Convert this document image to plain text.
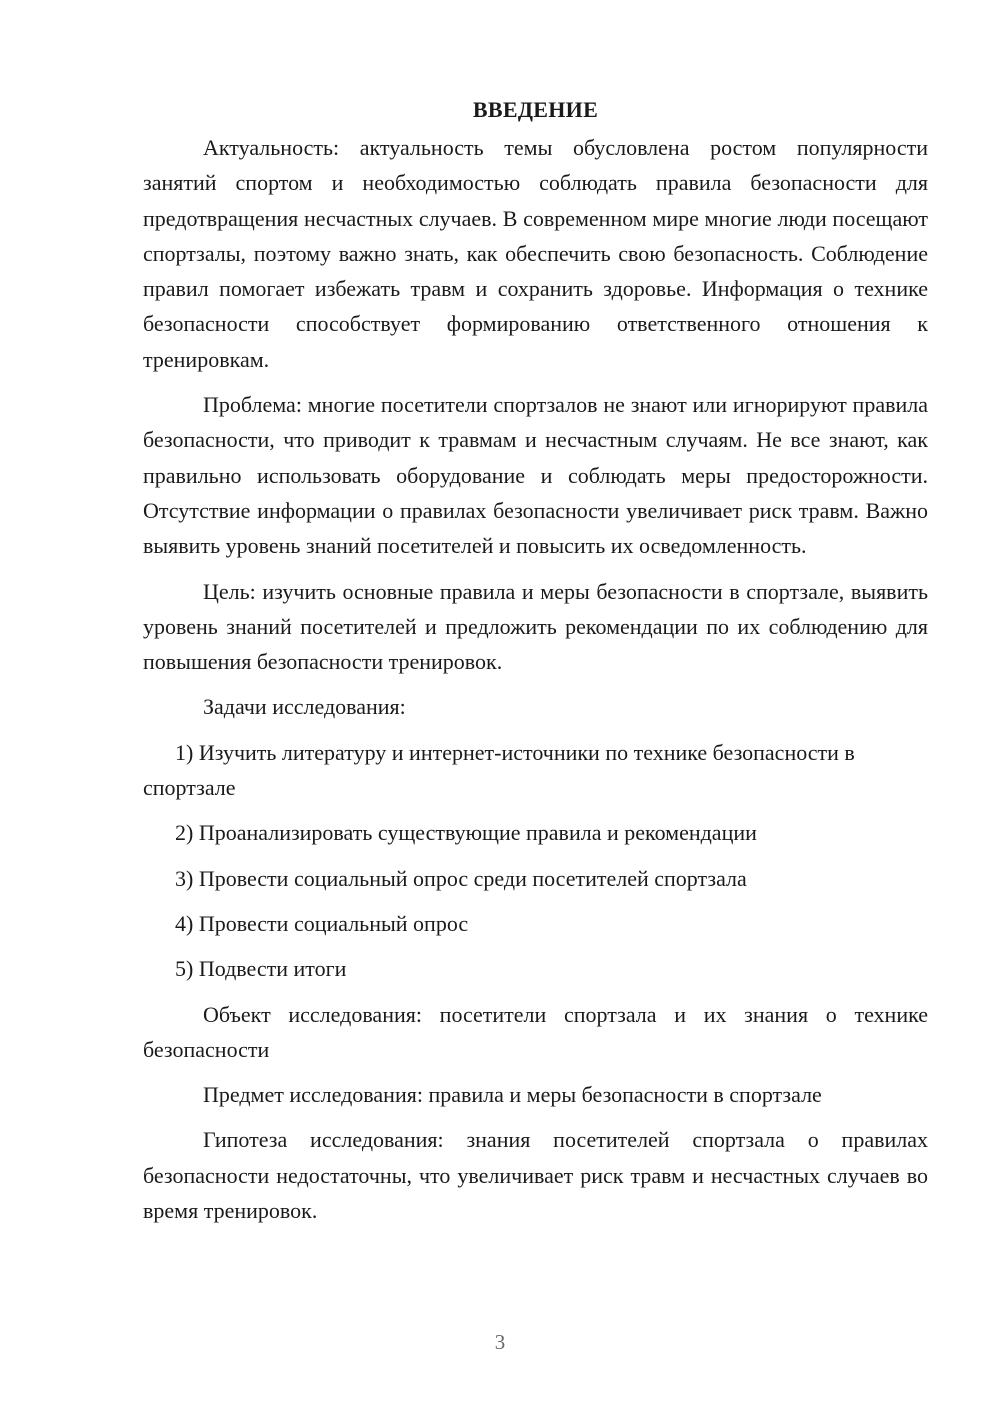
ВВЕДЕНИЕ

Актуальность: актуальность темы обусловлена ростом популярности занятий спортом и необходимостью соблюдать правила безопасности для предотвращения несчастных случаев. В современном мире многие люди посещают спортзалы, поэтому важно знать, как обеспечить свою безопасность. Соблюдение правил помогает избежать травм и сохранить здоровье. Информация о технике безопасности способствует формированию ответственного отношения к тренировкам.

Проблема: многие посетители спортзалов не знают или игнорируют правила безопасности, что приводит к травмам и несчастным случаям. Не все знают, как правильно использовать оборудование и соблюдать меры предосторожности. Отсутствие информации о правилах безопасности увеличивает риск травм. Важно выявить уровень знаний посетителей и повысить их осведомленность.

Цель: изучить основные правила и меры безопасности в спортзале, выявить уровень знаний посетителей и предложить рекомендации по их соблюдению для повышения безопасности тренировок.

Задачи исследования:

1) Изучить литературу и интернет-источники по технике безопасности в спортзале

2) Проанализировать существующие правила и рекомендации

3) Провести социальный опрос среди посетителей спортзала

4) Провести социальный опрос

5) Подвести итоги

Объект исследования: посетители спортзала и их знания о технике безопасности

Предмет исследования: правила и меры безопасности в спортзале

Гипотеза исследования: знания посетителей спортзала о правилах безопасности недостаточны, что увеличивает риск травм и несчастных случаев во время тренировок.

3
